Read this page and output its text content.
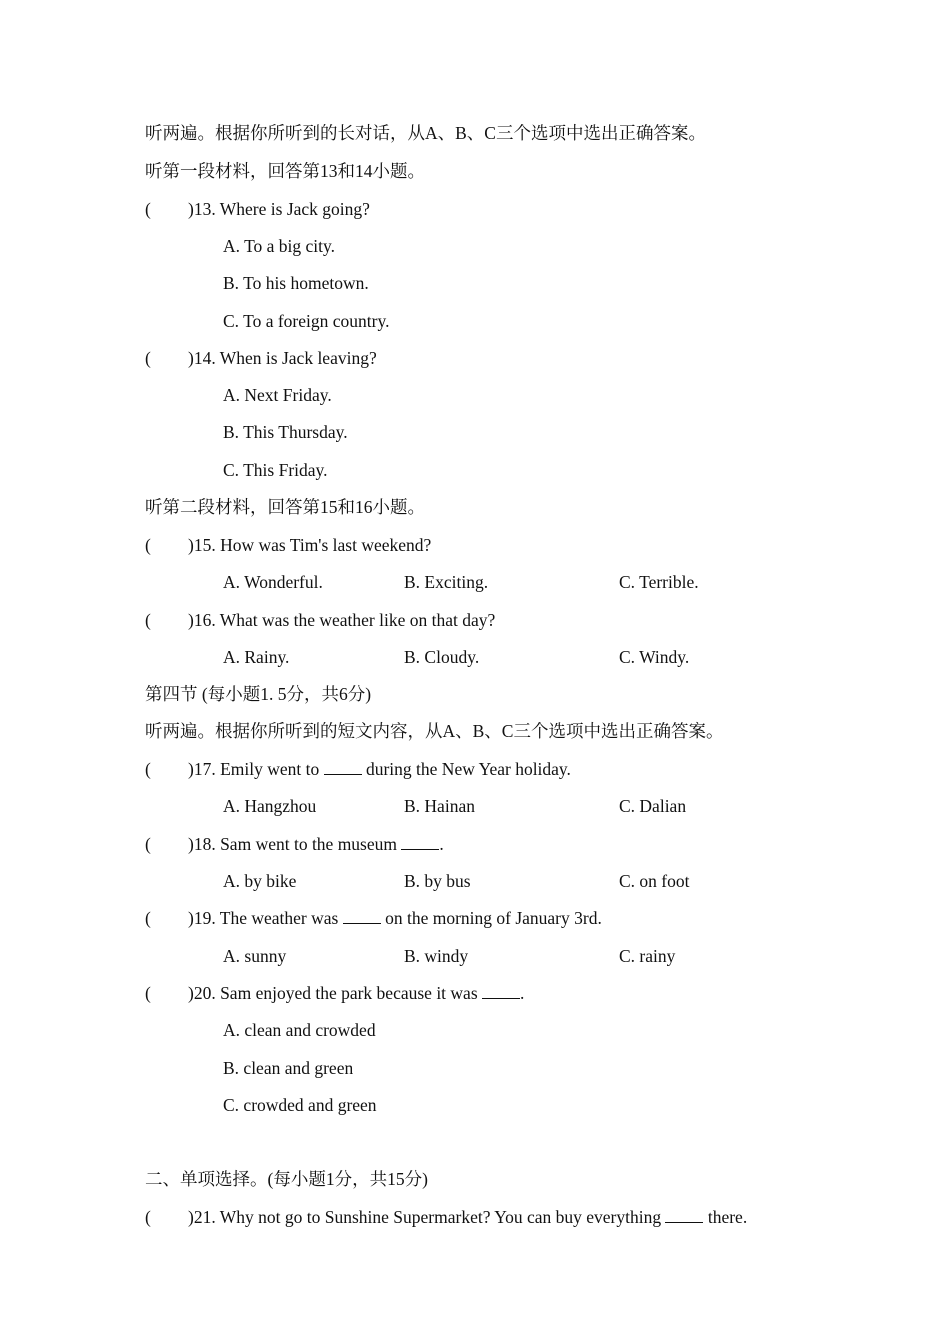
听两遍。根据你所听到的长对话，从A、B、C三个选项中选出正确答案。
听第一段材料，回答第13和14小题。
( )13. Where is Jack going?
A. To a big city.
B. To his hometown.
C. To a foreign country.
( )14. When is Jack leaving?
A. Next Friday.
B. This Thursday.
C. This Friday.
听第二段材料，回答第15和16小题。
( )15. How was Tim's last weekend?
A. Wonderful.	B. Exciting.	C. Terrible.
( )16. What was the weather like on that day?
A. Rainy.	B. Cloudy.	C. Windy.
第四节 (每小题1. 5分，共6分)
听两遍。根据你所听到的短文内容，从A、B、C三个选项中选出正确答案。
( )17. Emily went to	during the New Year holiday.
A. Hangzhou	B. Hainan	C. Dalian
( )18. Sam went to the museum .
A. by bike	B. by bus	C. on foot
( )19. The weather was	on the morning of January 3rd.
A. sunny	B. windy	C. rainy
( )20. Sam enjoyed the park because it was .
A. clean and crowded
B. clean and green
C. crowded and green
二、单项选择。(每小题1分，共15分)
( )21. Why not go to Sunshine Supermarket? You can buy everything	there.
